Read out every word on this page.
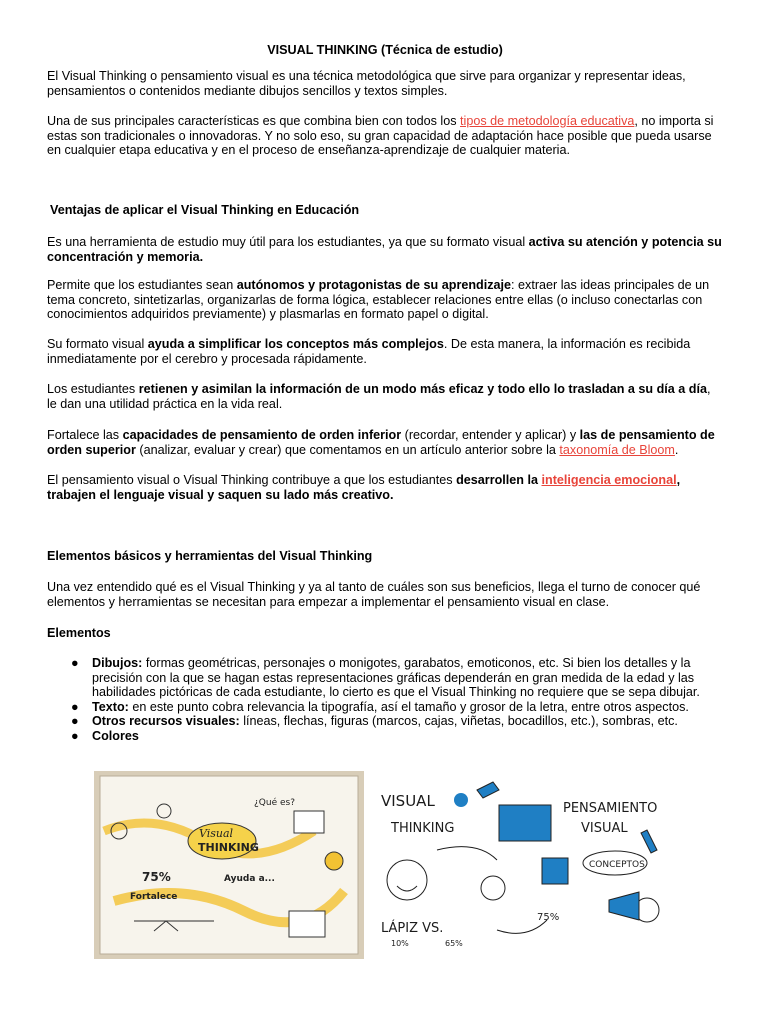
VISUAL THINKING (Técnica de estudio)

El Visual Thinking o pensamiento visual es una técnica metodológica que sirve para organizar y representar ideas, pensamientos o contenidos mediante dibujos sencillos y textos simples.

Una de sus principales características es que combina bien con todos los tipos de metodología educativa, no importa si estas son tradicionales o innovadoras. Y no solo eso, su gran capacidad de adaptación hace posible que pueda usarse en cualquier etapa educativa y en el proceso de enseñanza-aprendizaje de cualquier materia.

Ventajas de aplicar el Visual Thinking en Educación

Es una herramienta de estudio muy útil para los estudiantes, ya que su formato visual activa su atención y potencia su concentración y memoria.

Permite que los estudiantes sean autónomos y protagonistas de su aprendizaje: extraer las ideas principales de un tema concreto, sintetizarlas, organizarlas de forma lógica, establecer relaciones entre ellas (o incluso conectarlas con conocimientos adquiridos previamente) y plasmarlas en formato papel o digital.

Su formato visual ayuda a simplificar los conceptos más complejos. De esta manera, la información es recibida inmediatamente por el cerebro y procesada rápidamente.

Los estudiantes retienen y asimilan la información de un modo más eficaz y todo ello lo trasladan a su día a día, le dan una utilidad práctica en la vida real.

Fortalece las capacidades de pensamiento de orden inferior (recordar, entender y aplicar) y las de pensamiento de orden superior (analizar, evaluar y crear) que comentamos en un artículo anterior sobre la taxonomía de Bloom.

El pensamiento visual o Visual Thinking contribuye a que los estudiantes desarrollen la inteligencia emocional, trabajen el lenguaje visual y saquen su lado más creativo.

Elementos básicos y herramientas del Visual Thinking

Una vez entendido qué es el Visual Thinking y ya al tanto de cuáles son sus beneficios, llega el turno de conocer qué elementos y herramientas se necesitan para empezar a implementar el pensamiento visual en clase.

Elementos

● Dibujos: formas geométricas, personajes o monigotes, garabatos, emoticonos, etc. Si bien los detalles y la precisión con la que se hagan estas representaciones gráficas dependerán en gran medida de la edad y las habilidades pictóricas de cada estudiante, lo cierto es que el Visual Thinking no requiere que se sepa dibujar.
● Texto: en este punto cobra relevancia la tipografía, así el tamaño y grosor de la letra, entre otros aspectos.
● Otros recursos visuales: líneas, flechas, figuras (marcos, cajas, viñetas, bocadillos, etc.), sombras, etc.
● Colores
Visual
THINKING
¿Qué es?
75%
Fortalece
Ayuda a...
VISUAL
THINKING
PENSAMIENTO
VISUAL
CONCEPTOS
75%
LÁPIZ VS.
10%	65%
